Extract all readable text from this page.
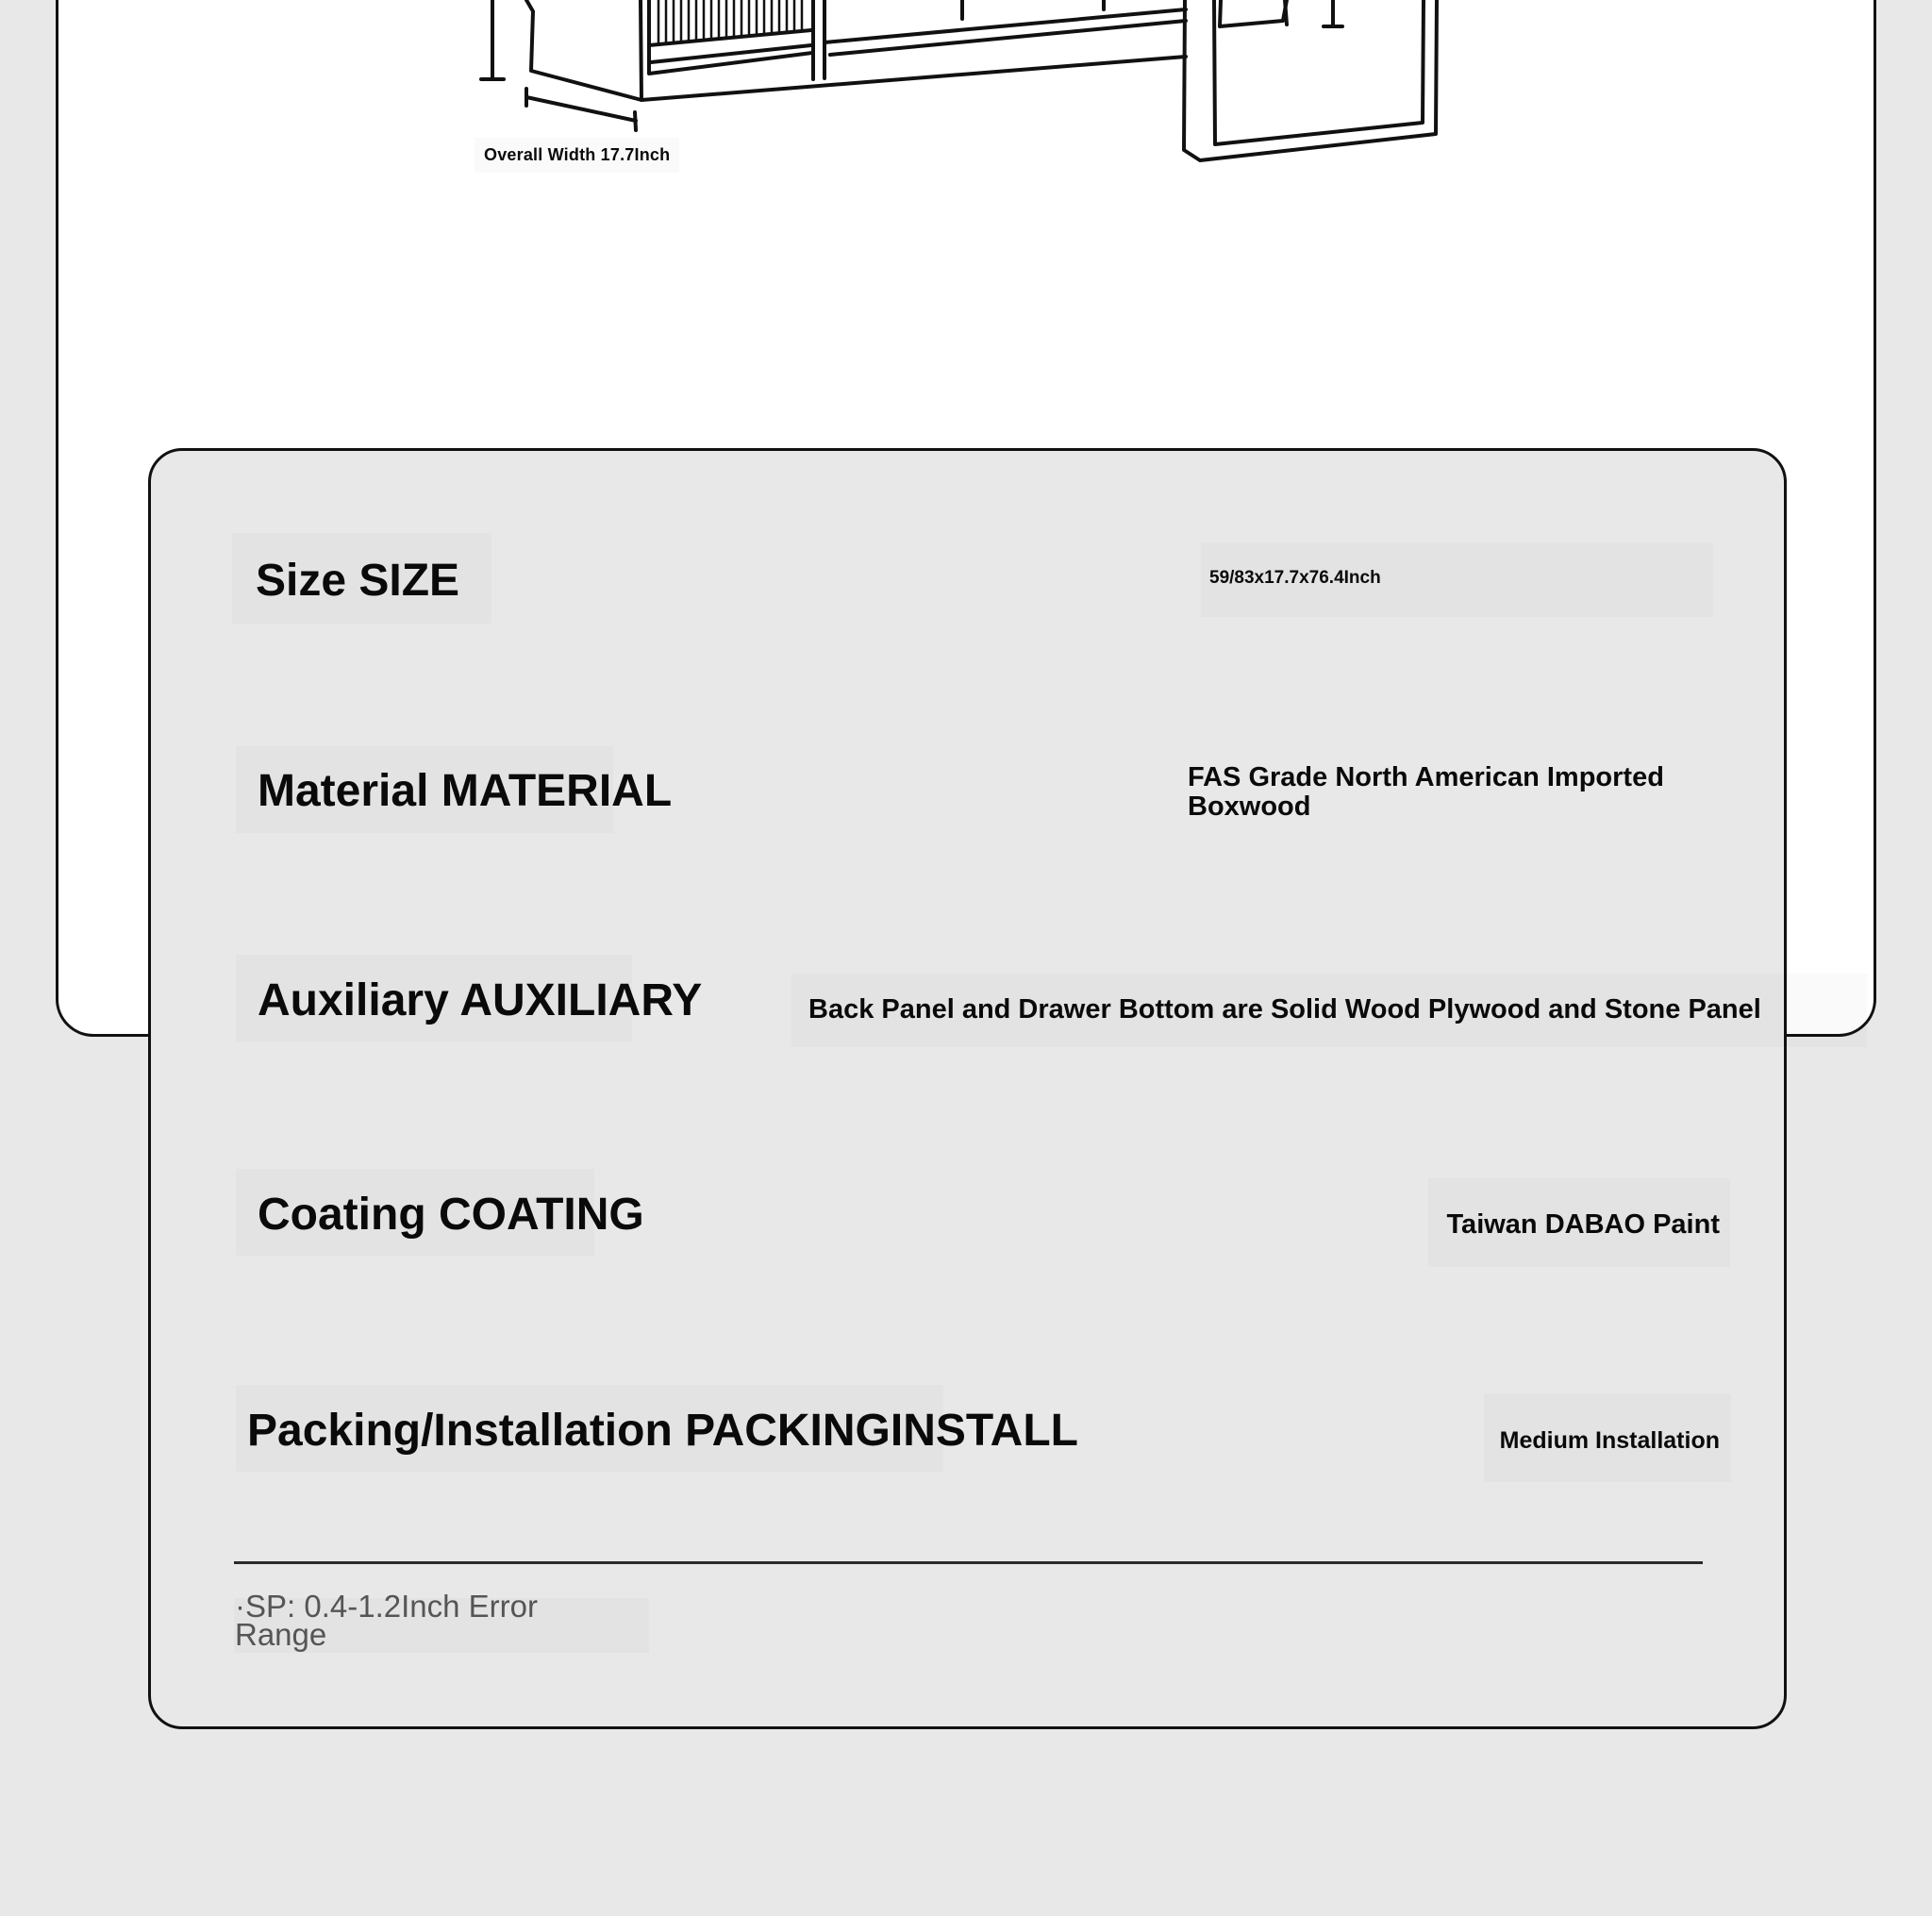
Overall Width 17.7Inch
Size SIZE	59/83x17.7x76.4Inch
Material MATERIAL	FAS Grade North American Imported Boxwood
Auxiliary AUXILIARY	Back Panel and Drawer Bottom are Solid Wood Plywood and Stone Panel
Coating COATING	Taiwan DABAO Paint
Packing/Installation PACKINGINSTALL	Medium Installation
·SP: 0.4-1.2Inch Error Range
